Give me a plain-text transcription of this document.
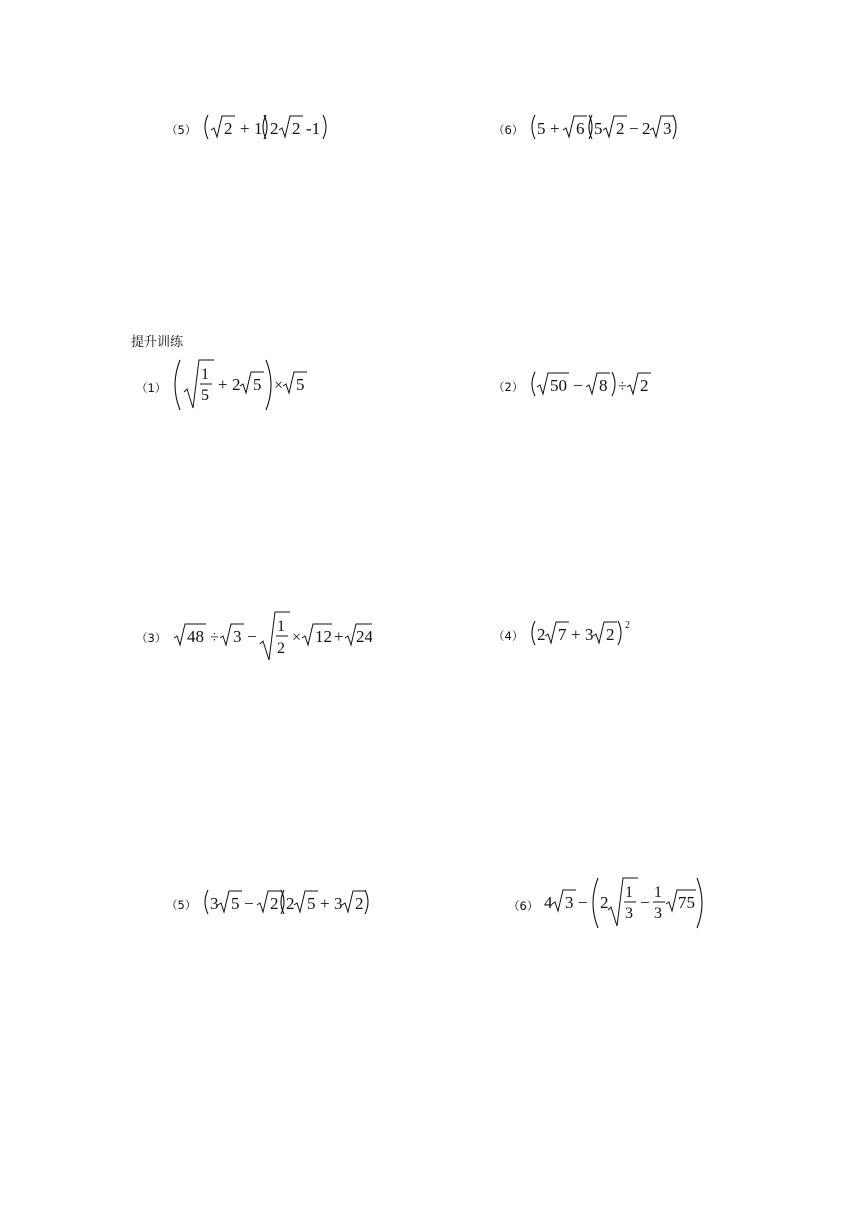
（5） 2 + 1 2 2 -1	（6） 5 + 6 5 2 − 2 3
提升训练
（1）
1
5
+ 2 5 × 5	（2） 50 − 8 ÷ 2
（3） 48 ÷ 3 −
1
2
× 12 + 24	（4） 2 7 + 3 2 2
（5） 3 5 − 2 2 5 + 3 2	（6） 4 3 − 2
1
3
−
1
3
75
